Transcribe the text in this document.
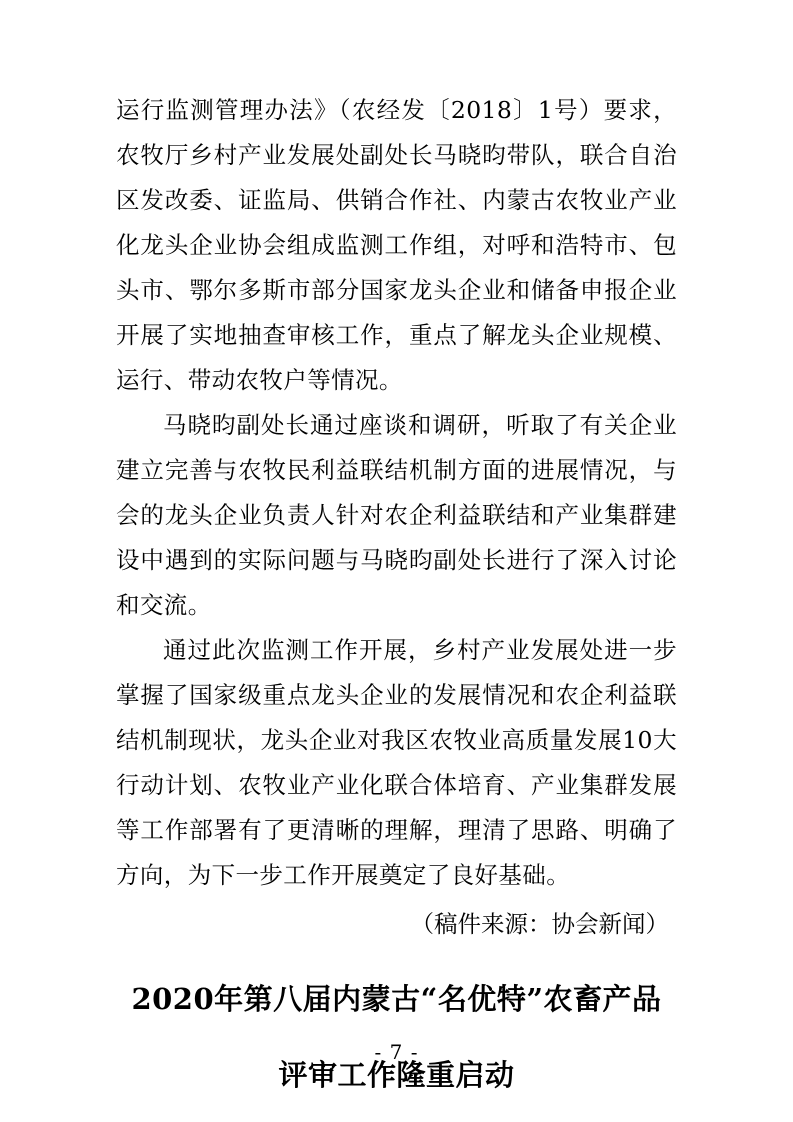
运行监测管理办法》（农经发〔2018〕1号）要求，农牧厅乡村产业发展处副处长马晓昀带队，联合自治区发改委、证监局、供销合作社、内蒙古农牧业产业化龙头企业协会组成监测工作组，对呼和浩特市、包头市、鄂尔多斯市部分国家龙头企业和储备申报企业开展了实地抽查审核工作，重点了解龙头企业规模、运行、带动农牧户等情况。

马晓昀副处长通过座谈和调研，听取了有关企业建立完善与农牧民利益联结机制方面的进展情况，与会的龙头企业负责人针对农企利益联结和产业集群建设中遇到的实际问题与马晓昀副处长进行了深入讨论和交流。

通过此次监测工作开展，乡村产业发展处进一步掌握了国家级重点龙头企业的发展情况和农企利益联结机制现状，龙头企业对我区农牧业高质量发展10大行动计划、农牧业产业化联合体培育、产业集群发展等工作部署有了更清晰的理解，理清了思路、明确了方向，为下一步工作开展奠定了良好基础。

（稿件来源：协会新闻）
2020年第八届内蒙古“名优特”农畜产品
评审工作隆重启动
- 7 -
